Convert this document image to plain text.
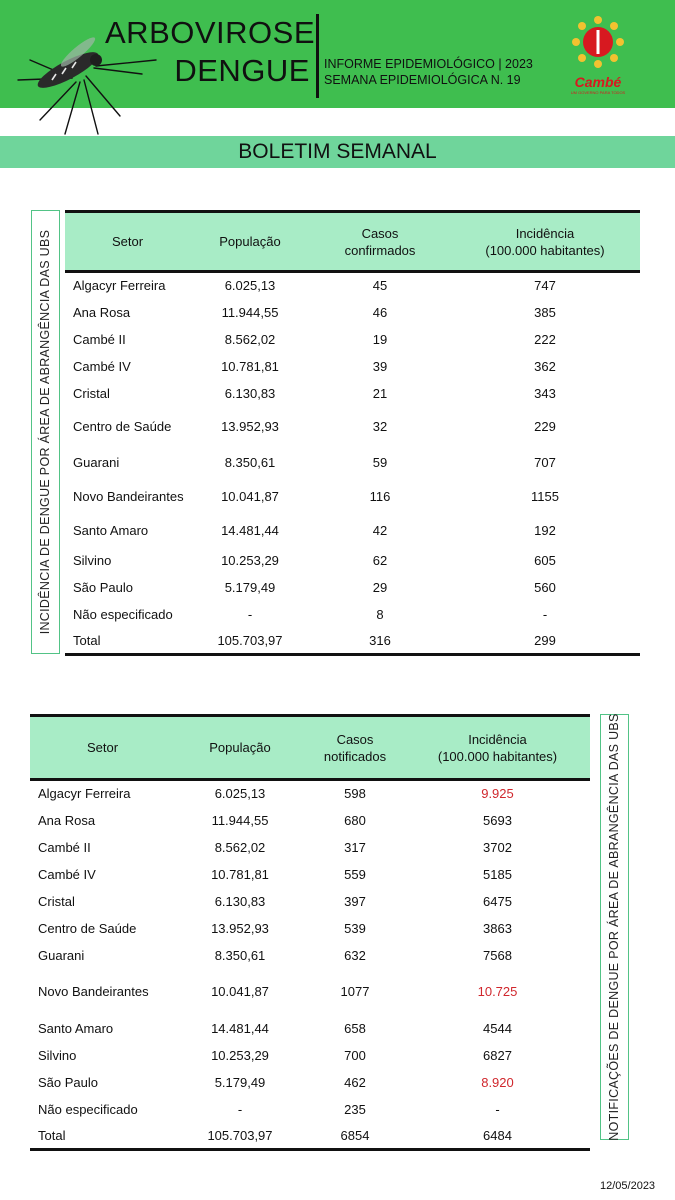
ARBOVIROSE
DENGUE INFORME EPIDEMIOLÓGICO | 2023
SEMANA EPIDEMIOLÓGICA N. 19	Cambé
UM GOVERNO PARA TODOS
BOLETIM SEMANAL
INCIDÊNCIA DE DENGUE POR ÁREA DE ABRANGÊNCIA DAS UBS	Setor	População	Casos
confirmados	Incidência
(100.000 habitantes)
Algacyr Ferreira	6.025,13	45	747
Ana Rosa	11.944,55	46	385
Cambé II	8.562,02	19	222
Cambé IV	10.781,81	39	362
Cristal	6.130,83	21	343
Centro de Saúde	13.952,93	32	229
Guarani	8.350,61	59	707
Novo Bandeirantes	10.041,87	116	1155
Santo Amaro	14.481,44	42	192
Silvino	10.253,29	62	605
São Paulo	5.179,49	29	560
Não especificado	-	8	-
Total	105.703,97	316	299
Setor	População	Casos
notificados	Incidência
(100.000 habitantes)
Algacyr Ferreira	6.025,13	598	9.925
Ana Rosa	11.944,55	680	5693
Cambé II	8.562,02	317	3702
Cambé IV	10.781,81	559	5185
Cristal	6.130,83	397	6475
Centro de Saúde	13.952,93	539	3863
Guarani	8.350,61	632	7568
Novo Bandeirantes	10.041,87	1077	10.725
Santo Amaro	14.481,44	658	4544
Silvino	10.253,29	700	6827
São Paulo	5.179,49	462	8.920
Não especificado	-	235	-
Total	105.703,97	6854	6484	NOTIFICAÇÕES DE DENGUE POR ÁREA DE ABRANGÊNCIA DAS UBS
12/05/2023
